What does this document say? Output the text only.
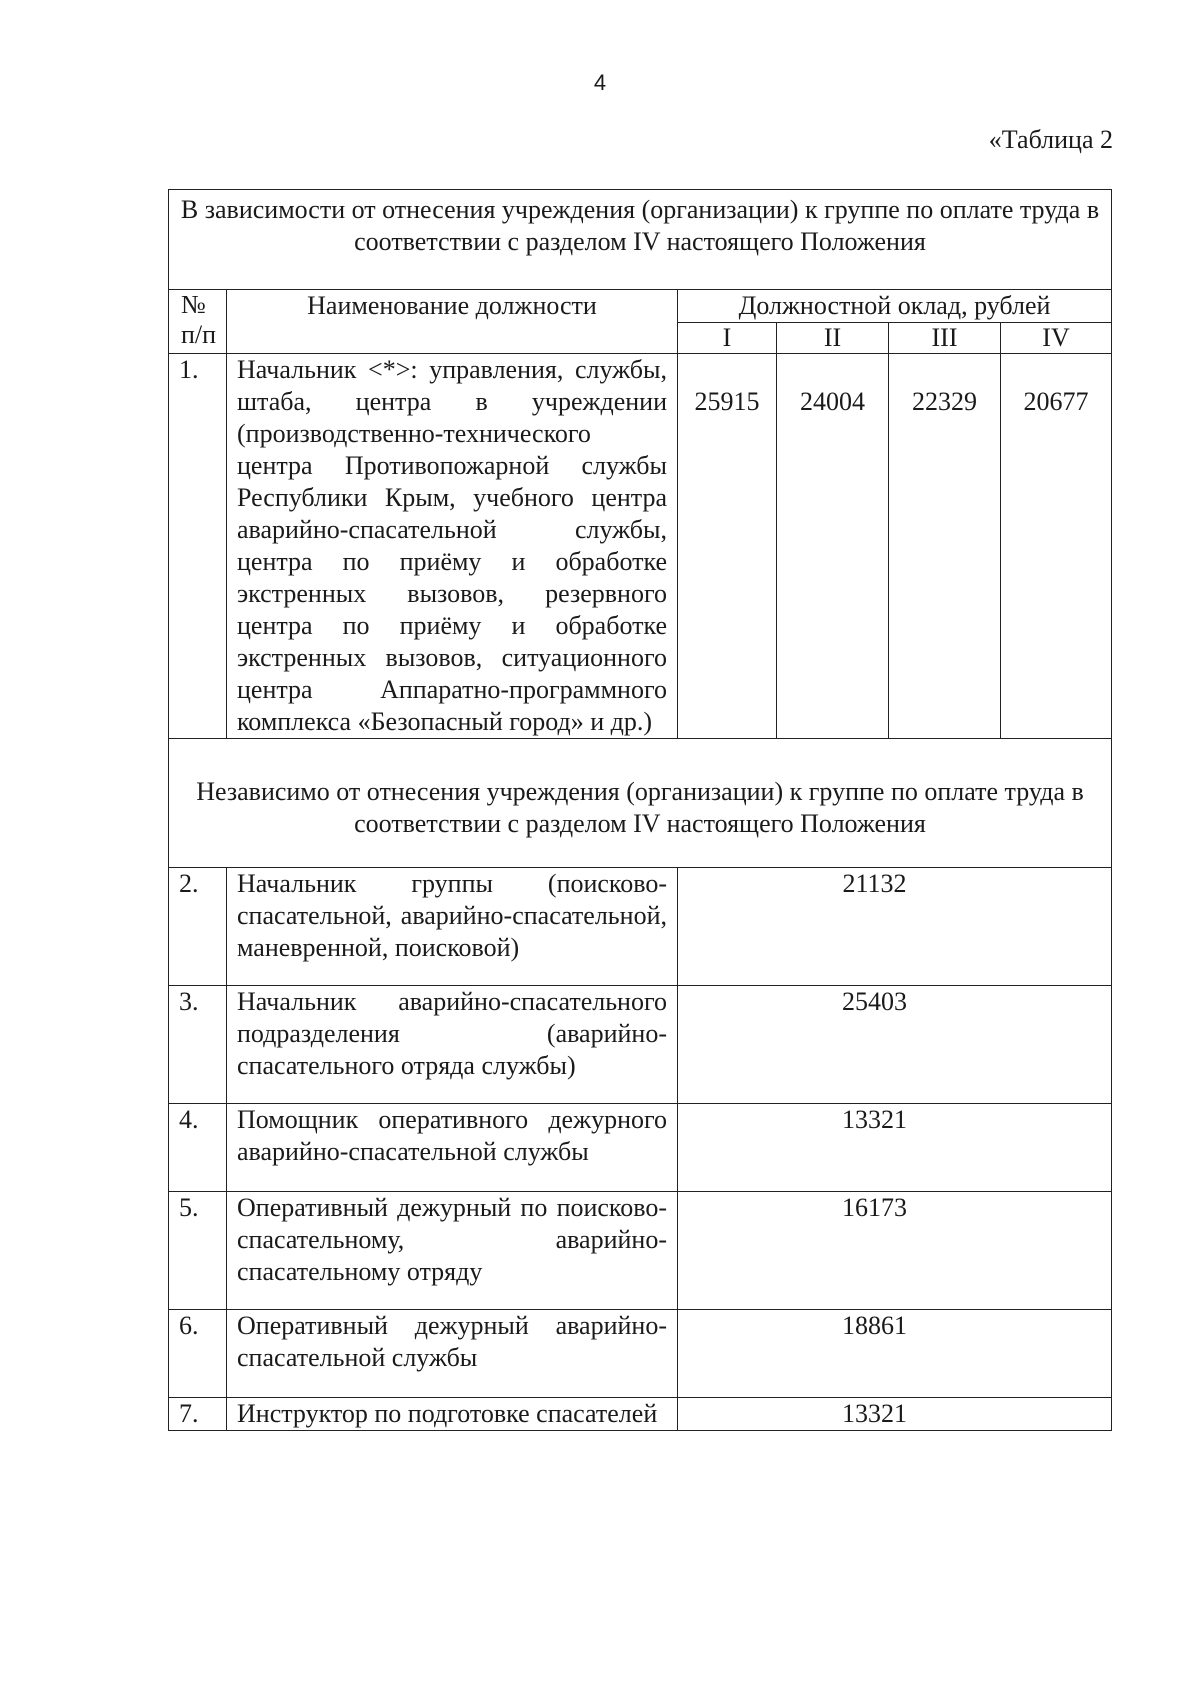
4
«Таблица 2
В зависимости от отнесения учреждения (организации) к группе по оплате труда в соответствии с разделом IV настоящего Положения					
№ п/п	Наименование должности	Должностной оклад, рублей			
		I	II	III	IV
1.	Начальник <*>: управления, службы, штаба, центра в учреждении (производственно-технического центра Противопожарной службы Республики Крым, учебного центра аварийно-спасательной службы, центра по приёму и обработке экстренных вызовов, резервного центра по приёму и обработке экстренных вызовов, ситуационного центра Аппаратно-программного комплекса «Безопасный город» и др.)	25915	24004	22329	20677
Независимо от отнесения учреждения (организации) к группе по оплате труда в соответствии с разделом IV настоящего Положения					
2.	Начальник группы (поисково-спасательной, аварийно-спасательной, маневренной, поисковой)	21132			
3.	Начальник аварийно-спасательного подразделения (аварийно-спасательного отряда службы)	25403			
4.	Помощник оперативного дежурного аварийно-спасательной службы	13321			
5.	Оперативный дежурный по поисково-спасательному, аварийно-спасательному отряду	16173			
6.	Оперативный дежурный аварийно-спасательной службы	18861			
7.	Инструктор по подготовке спасателей	13321			
